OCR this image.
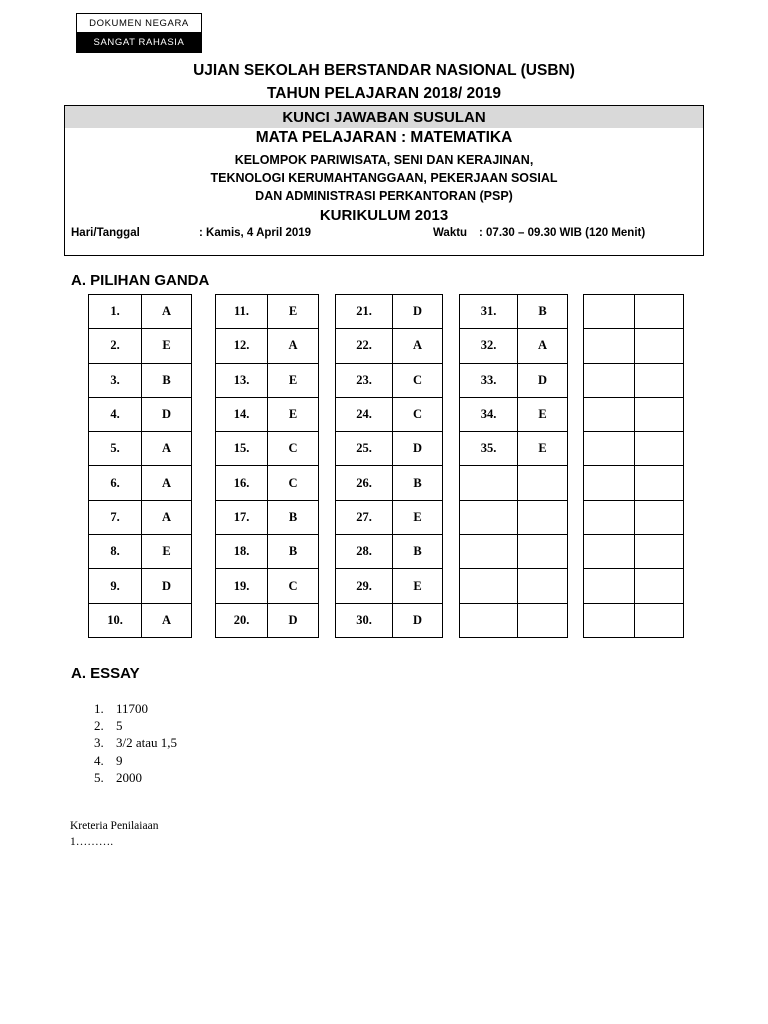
DOKUMEN NEGARA
SANGAT RAHASIA
UJIAN SEKOLAH BERSTANDAR NASIONAL (USBN)
TAHUN PELAJARAN 2018/ 2019
KUNCI JAWABAN SUSULAN
MATA PELAJARAN : MATEMATIKA
KELOMPOK PARIWISATA, SENI DAN KERAJINAN,
TEKNOLOGI KERUMAHTANGGAAN, PEKERJAAN SOSIAL
DAN ADMINISTRASI PERKANTORAN (PSP)
KURIKULUM 2013
Hari/Tanggal	: Kamis, 4 April 2019	Waktu : 07.30 – 09.30 WIB (120 Menit)
A. PILIHAN GANDA
1.	A
2.	E
3.	B
4.	D
5.	A
6.	A
7.	A
8.	E
9.	D
10.	A
11.	E
12.	A
13.	E
14.	E
15.	C
16.	C
17.	B
18.	B
19.	C
20.	D
21.	D
22.	A
23.	C
24.	C
25.	D
26.	B
27.	E
28.	B
29.	E
30.	D
31.	B
32.	A
33.	D
34.	E
35.	E

A. ESSAY
1. 11700
2. 5
3. 3/2 atau 1,5
4. 9
5. 2000
Kreteria Penilaiaan
1……….
